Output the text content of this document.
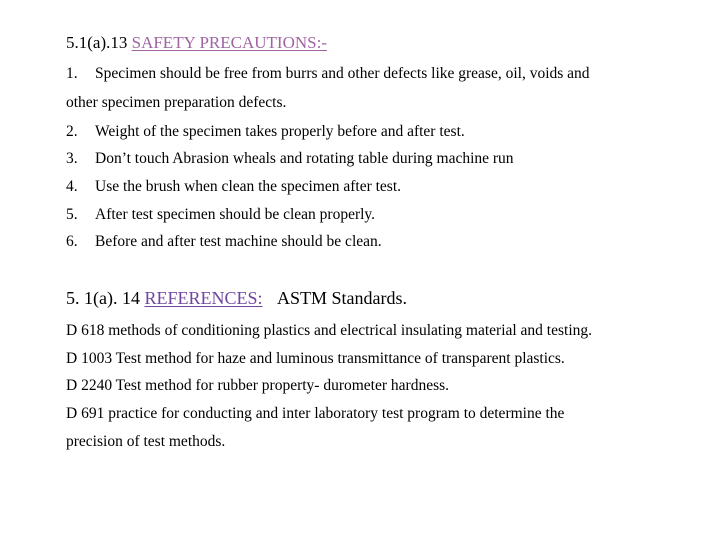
5.1(a).13 SAFETY PRECAUTIONS:-
1. Specimen should be free from burrs and other defects like grease, oil, voids and
other specimen preparation defects.
2. Weight of the specimen takes properly before and after test.
3. Don’t touch Abrasion wheals and rotating table during machine run
4. Use the brush when clean the specimen after test.
5. After test specimen should be clean properly.
6. Before and after test machine should be clean.
5. 1(a). 14 REFERENCES: ASTM Standards.
D 618 methods of conditioning plastics and electrical insulating material and testing.
D 1003 Test method for haze and luminous transmittance of transparent plastics.
D 2240 Test method for rubber property- durometer hardness.
D 691 practice for conducting and inter laboratory test program to determine the
precision of test methods.
